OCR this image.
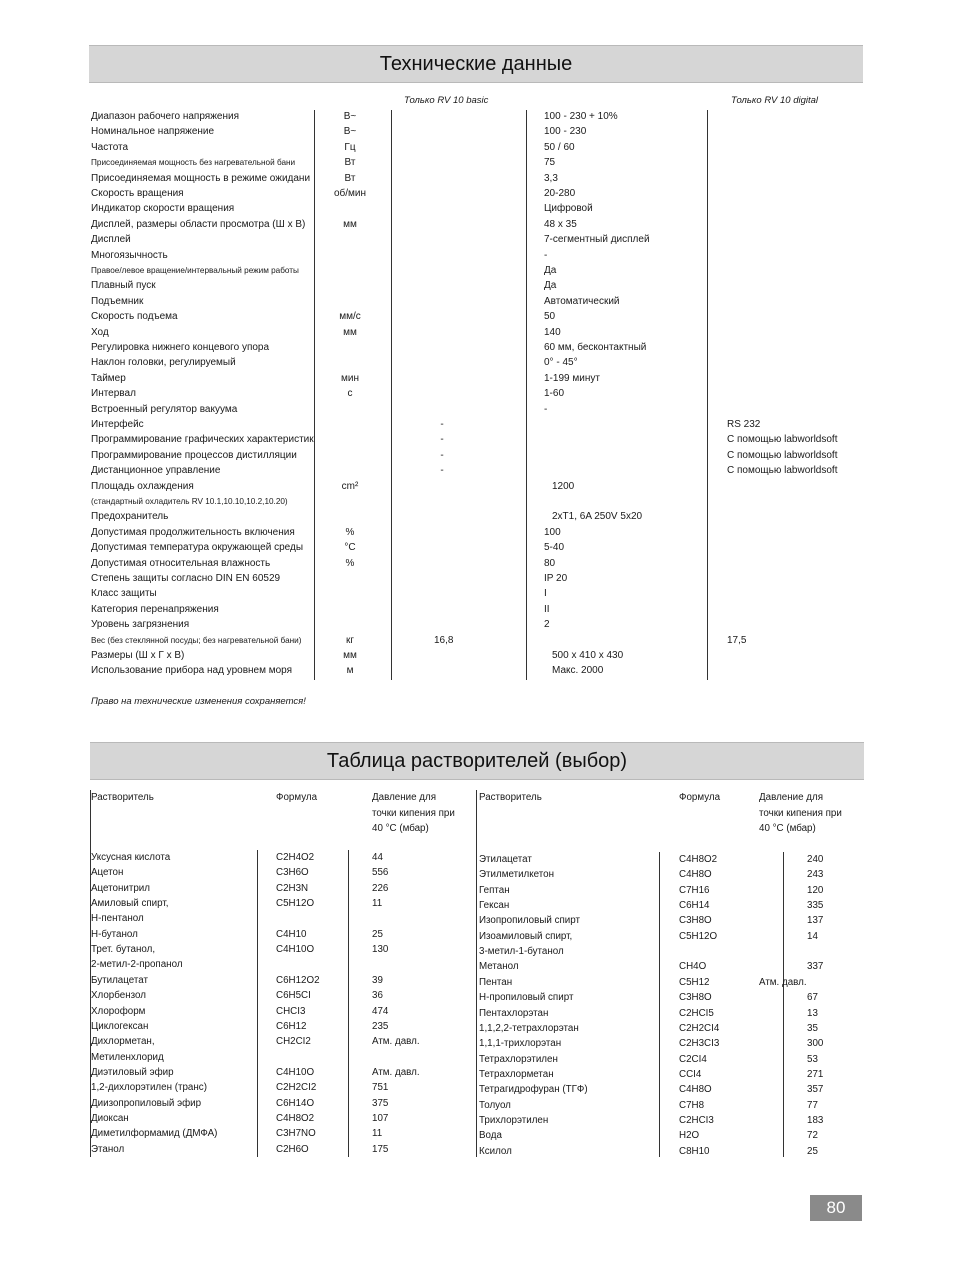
Технические данные
Только RV 10 basic	Только RV 10 digital
Диапазон рабочего напряжения	В~	100 - 230 + 10%
Номинальное напряжение	В~	100 - 230
Частота	Гц	50 / 60
Присоединяемая мощность без нагревательной бани	Вт	75
Присоединяемая мощность в режиме ожидани	Вт	3,3
Скорость вращения	об/мин	20-280
Индикатор скорости вращения	Цифровой
Дисплей, размеры области просмотра (Ш х В)	мм	48 x 35
Дисплей	7-сегментный дисплей
Многоязычность	-
Правое/левое вращение/интервальный режим работы	Да
Плавный пуск	Да
Подъемник	Автоматический
Скорость подъема	мм/с	50
Ход	мм	140
Регулировка нижнего концевого упора	60 мм, бесконтактный
Наклон головки, регулируемый	0° - 45°
Таймер	мин	1-199 минут
Интервал	с	1-60
Встроенный регулятор вакуума	-
Интерфейс	-	RS 232
Программирование графических характеристик	-	С помощью labworldsoft
Программирование процессов дистилляции	-	С помощью labworldsoft
Дистанционное управление	-	С помощью labworldsoft
Площадь охлаждения	cm²	1200
(стандартный охладитель RV 10.1,10.10,10.2,10.20)
Предохранитель	2xT1, 6A 250V 5x20
Допустимая продолжительность включения	%	100
Допустимая температура окружающей среды	°C	5-40
Допустимая относительная влажность	%	80
Степень защиты согласно DIN EN 60529	IP 20
Класс защиты	I
Категория перенапряжения	II
Уровень загрязнения	2
Вес (без стеклянной посуды; без нагревательной бани)	кг	16,8	17,5
Размеры (Ш х Г х В)	мм	500 x 410 x 430
Использование прибора над уровнем моря	м	Макс. 2000
Право на технические изменения сохраняется!
Таблица растворителей (выбор)
Растворитель	Формула	Давление для
точки кипения при
40 °C (мбар)
Уксусная кислота	C2H4O2	44
Ацетон	C3H6O	556
Ацетонитрил	C2H3N	226
Амиловый спирт,
Н-пентанол
C5H12O	11
Н-бутанол	C4H10	25
Трет. бутанол,
2-метил-2-пропанол
C4H10O	130
Бутилацетат	C6H12O2	39
Хлорбензол	C6H5CI	36
Хлороформ	CHCI3	474
Циклогексан	C6H12	235
Дихлорметан,
Метиленхлорид
CH2CI2	Атм. давл.
Диэтиловый эфир	C4H10O	Атм. давл.
1,2-дихлорэтилен (транс)	C2H2CI2	751
Диизопропиловый эфир	C6H14O	375
Диоксан	C4H8O2	107
Диметилформамид (ДМФА)	C3H7NO	11
Этанол	C2H6O	175
Растворитель	Формула	Давление для
точки кипения при
40 °C (мбар)
Этилацетат	C4H8O2	240
Этилметилкетон	C4H8O	243
Гептан	C7H16	120
Гексан	C6H14	335
Изопропиловый спирт	C3H8O	137
Изоамиловый спирт,
3-метил-1-бутанол
C5H12O	14
Метанол	CH4O	337
Пентан	C5H12	Атм. давл.
Н-пропиловый спирт	C3H8O	67
Пентахлорэтан	C2HCI5	13
1,1,2,2-тетрахлорэтан	C2H2CI4	35
1,1,1-трихлорэтан	C2H3CI3	300
Тетрахлорэтилен	C2CI4	53
Тетрахлорметан	CCI4	271
Тетрагидрофуран (ТГФ)	C4H8O	357
Толуол	C7H8	77
Трихлорэтилен	C2HCI3	183
Вода	H2O	72
Ксилол	C8H10	25
80
